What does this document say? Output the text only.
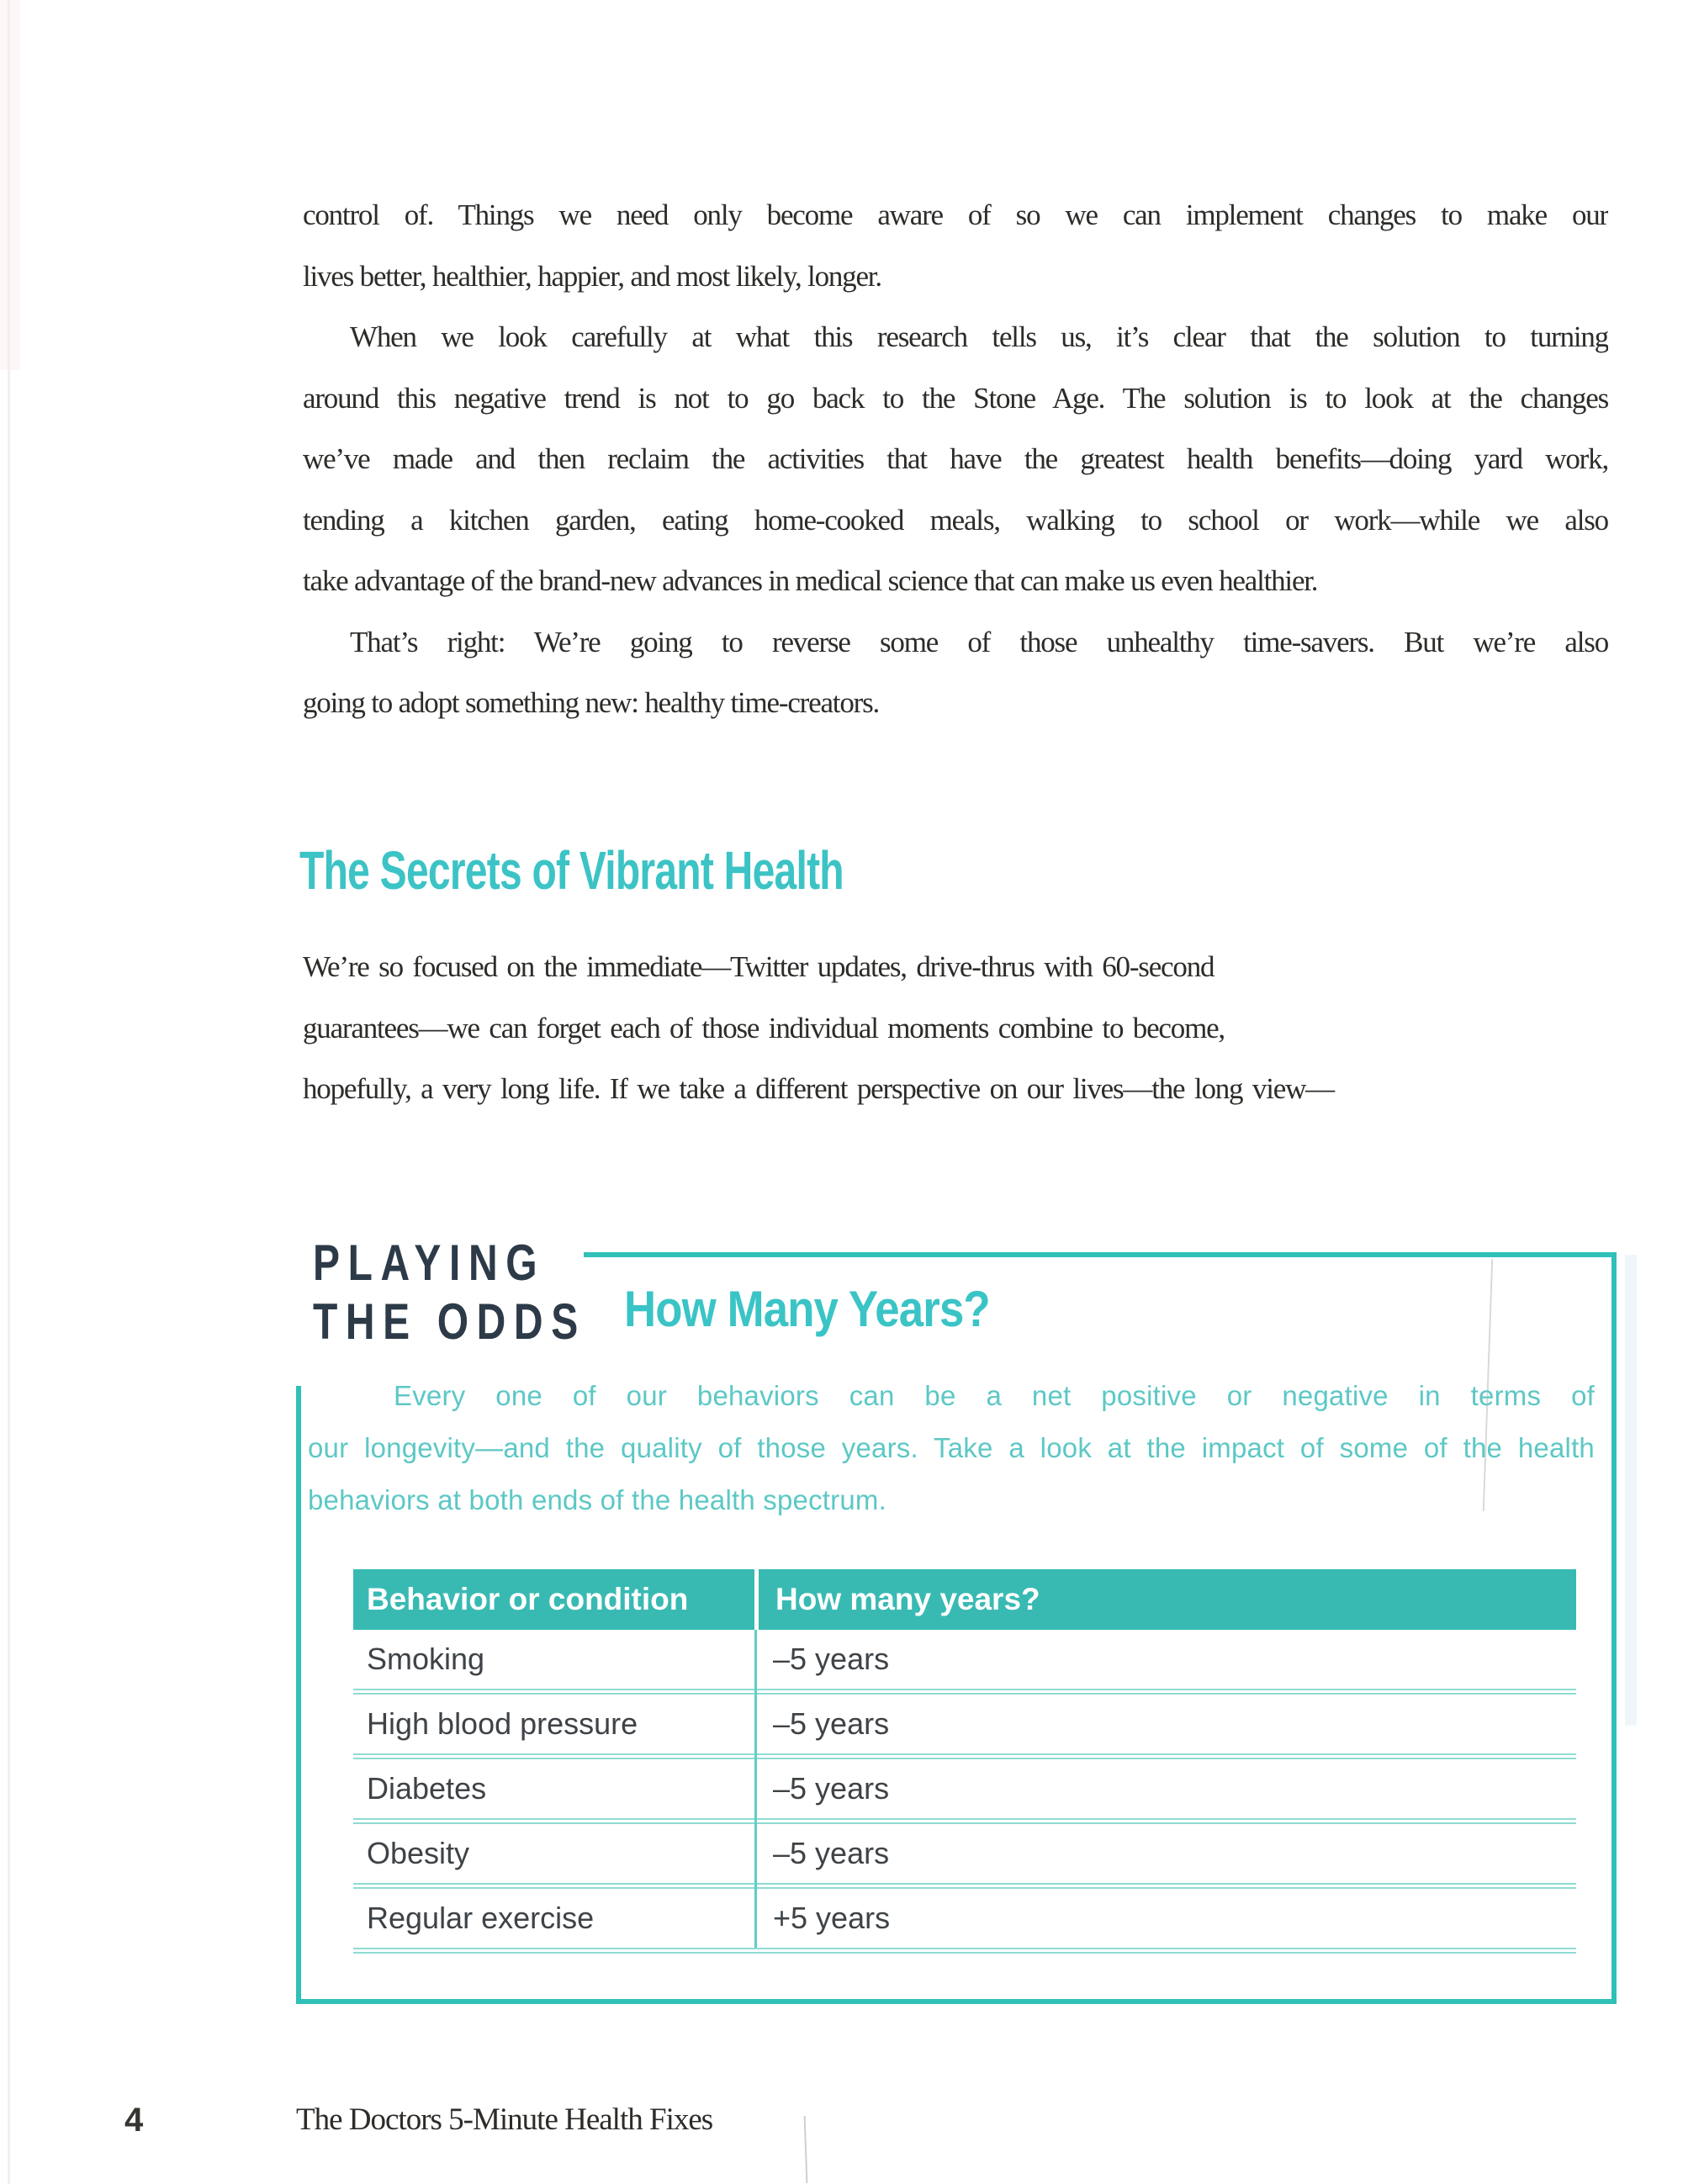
control of. Things we need only become aware of so we can implement changes to make our
lives better, healthier, happier, and most likely, longer.
When we look carefully at what this research tells us, it’s clear that the solution to turning
around this negative trend is not to go back to the Stone Age. The solution is to look at the changes
we’ve made and then reclaim the activities that have the greatest health benefits—doing yard work,
tending a kitchen garden, eating home-cooked meals, walking to school or work—while we also
take advantage of the brand-new advances in medical science that can make us even healthier.
That’s right: We’re going to reverse some of those unhealthy time-savers. But we’re also
going to adopt something new: healthy time-creators.
The Secrets of Vibrant Health
We’re so focused on the immediate—Twitter updates, drive-thrus with 60-second
guarantees—we can forget each of those individual moments combine to become,
hopefully, a very long life. If we take a different perspective on our lives—the long view—
PLAYING
THE ODDS How Many Years?
Every one of our behaviors can be a net positive or negative in terms of
our longevity—and the quality of those years. Take a look at the impact of some of the health
behaviors at both ends of the health spectrum.
Behavior or condition	How many years?
Smoking	–5 years
High blood pressure	–5 years
Diabetes	–5 years
Obesity	–5 years
Regular exercise	+5 years
4	The Doctors 5-Minute Health Fixes
